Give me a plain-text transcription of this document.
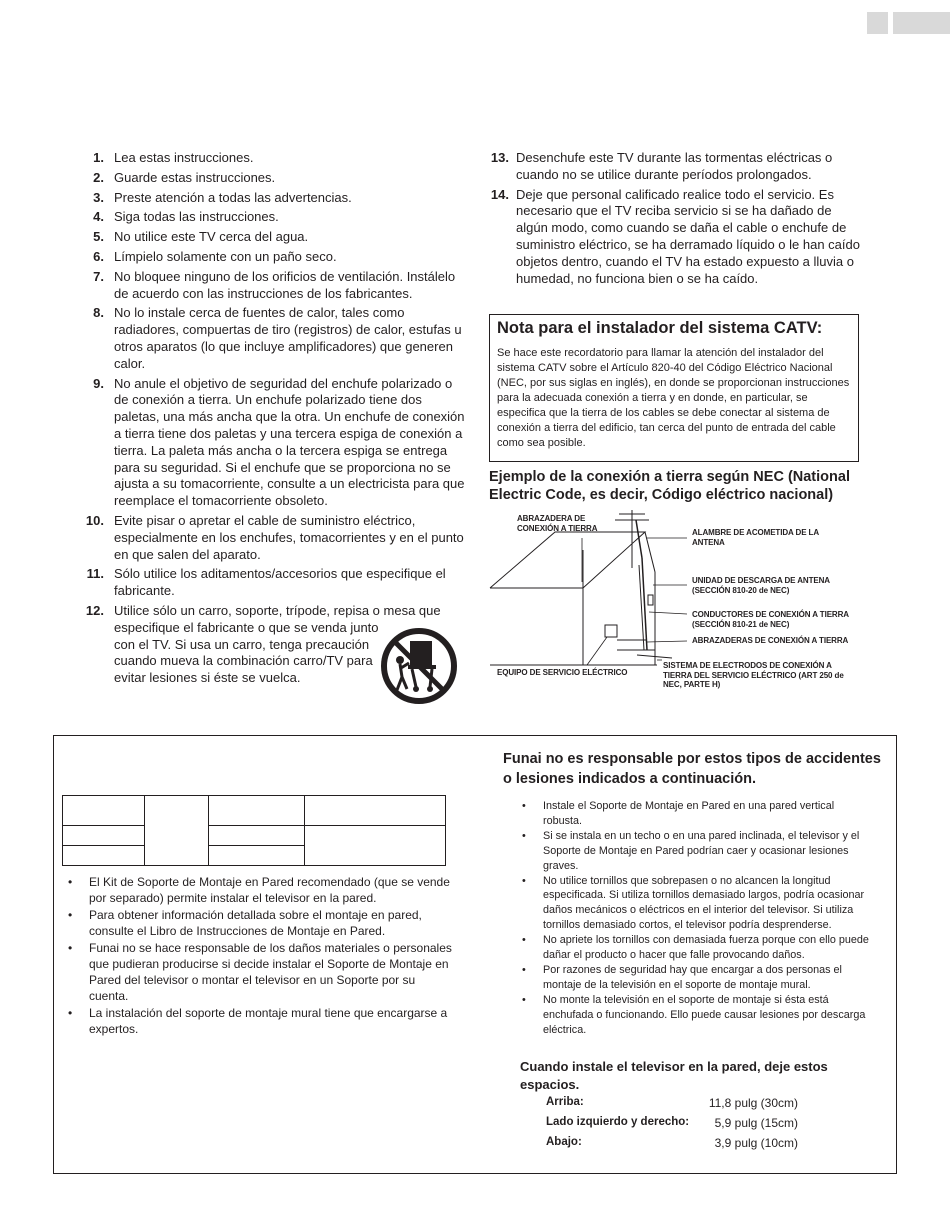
1. Lea estas instrucciones.
2. Guarde estas instrucciones.
3. Preste atención a todas las advertencias.
4. Siga todas las instrucciones.
5. No utilice este TV cerca del agua.
6. Límpielo solamente con un paño seco.
7. No bloquee ninguno de los orificios de ventilación. Instálelo de acuerdo con las instrucciones de los fabricantes.
8. No lo instale cerca de fuentes de calor, tales como radiadores, compuertas de tiro (registros) de calor, estufas u otros aparatos (lo que incluye amplificadores) que generen calor.
9. No anule el objetivo de seguridad del enchufe polarizado o de conexión a tierra. Un enchufe polarizado tiene dos paletas, una más ancha que la otra. Un enchufe de conexión a tierra tiene dos paletas y una tercera espiga de conexión a tierra. La paleta más ancha o la tercera espiga se entrega para su seguridad. Si el enchufe que se proporciona no se ajusta a su tomacorriente, consulte a un electricista para que reemplace el tomacorriente obsoleto.
10. Evite pisar o apretar el cable de suministro eléctrico, especialmente en los enchufes, tomacorrientes y en el punto en que salen del aparato.
11. Sólo utilice los aditamentos/accesorios que especifique el fabricante.
12. Utilice sólo un carro, soporte, trípode, repisa o mesa que
especifique el fabricante o que se venda junto
con el TV. Si usa un carro, tenga precaución
cuando mueva la combinación carro/TV para
evitar lesiones si éste se vuelca.
13. Desenchufe este TV durante las tormentas eléctricas o cuando no se utilice durante períodos prolongados.
14. Deje que personal calificado realice todo el servicio. Es necesario que el TV reciba servicio si se ha dañado de algún modo, como cuando se daña el cable o enchufe de suministro eléctrico, se ha derramado líquido o le han caído objetos dentro, cuando el TV ha estado expuesto a lluvia o humedad, no funciona bien o se ha caído.
Nota para el instalador del sistema CATV:
Se hace este recordatorio para llamar la atención del instalador del sistema CATV sobre el Artículo 820-40 del Código Eléctrico Nacional (NEC, por sus siglas en inglés), en donde se proporcionan instrucciones para la adecuada conexión a tierra y en donde, en particular, se especifica que la tierra de los cables se debe conectar al sistema de conexión a tierra del edificio, tan cerca del punto de entrada del cable como sea posible.
Ejemplo de la conexión a tierra según NEC (National Electric Code, es decir, Código eléctrico nacional)
ABRAZADERA DE CONEXIÓN A TIERRA	ALAMBRE DE ACOMETIDA DE LA ANTENA
UNIDAD DE DESCARGA DE ANTENA (SECCIÓN 810-20 de NEC)
CONDUCTORES DE CONEXIÓN A TIERRA (SECCIÓN 810-21 de NEC)
ABRAZADERAS DE CONEXIÓN A TIERRA
SISTEMA DE ELECTRODOS DE CONEXIÓN A TIERRA DEL SERVICIO ELÉCTRICO (ART 250 de NEC, PARTE H)
EQUIPO DE SERVICIO ELÉCTRICO

• El Kit de Soporte de Montaje en Pared recomendado (que se vende por separado) permite instalar el televisor en la pared.
• Para obtener información detallada sobre el montaje en pared, consulte el Libro de Instrucciones de Montaje en Pared.
• Funai no se hace responsable de los daños materiales o personales que pudieran producirse si decide instalar el Soporte de Montaje en Pared del televisor o montar el televisor en un Soporte por su cuenta.
• La instalación del soporte de montaje mural tiene que encargarse a expertos.
Funai no es responsable por estos tipos de accidentes o lesiones indicados a continuación.
• Instale el Soporte de Montaje en Pared en una pared vertical robusta.
• Si se instala en un techo o en una pared inclinada, el televisor y el Soporte de Montaje en Pared podrían caer y ocasionar lesiones graves.
• No utilice tornillos que sobrepasen o no alcancen la longitud especificada. Si utiliza tornillos demasiado largos, podría ocasionar daños mecánicos o eléctricos en el interior del televisor. Si utiliza tornillos demasiado cortos, el televisor podría desprenderse.
• No apriete los tornillos con demasiada fuerza porque con ello puede dañar el producto o hacer que falle provocando daños.
• Por razones de seguridad hay que encargar a dos personas el montaje de la televisión en el soporte de montaje mural.
• No monte la televisión en el soporte de montaje si ésta está enchufada o funcionando. Ello puede causar lesiones por descarga eléctrica.
Cuando instale el televisor en la pared, deje estos espacios.
Arriba:	11,8 pulg (30cm)
Lado izquierdo y derecho:	5,9 pulg (15cm)
Abajo:	3,9 pulg (10cm)
